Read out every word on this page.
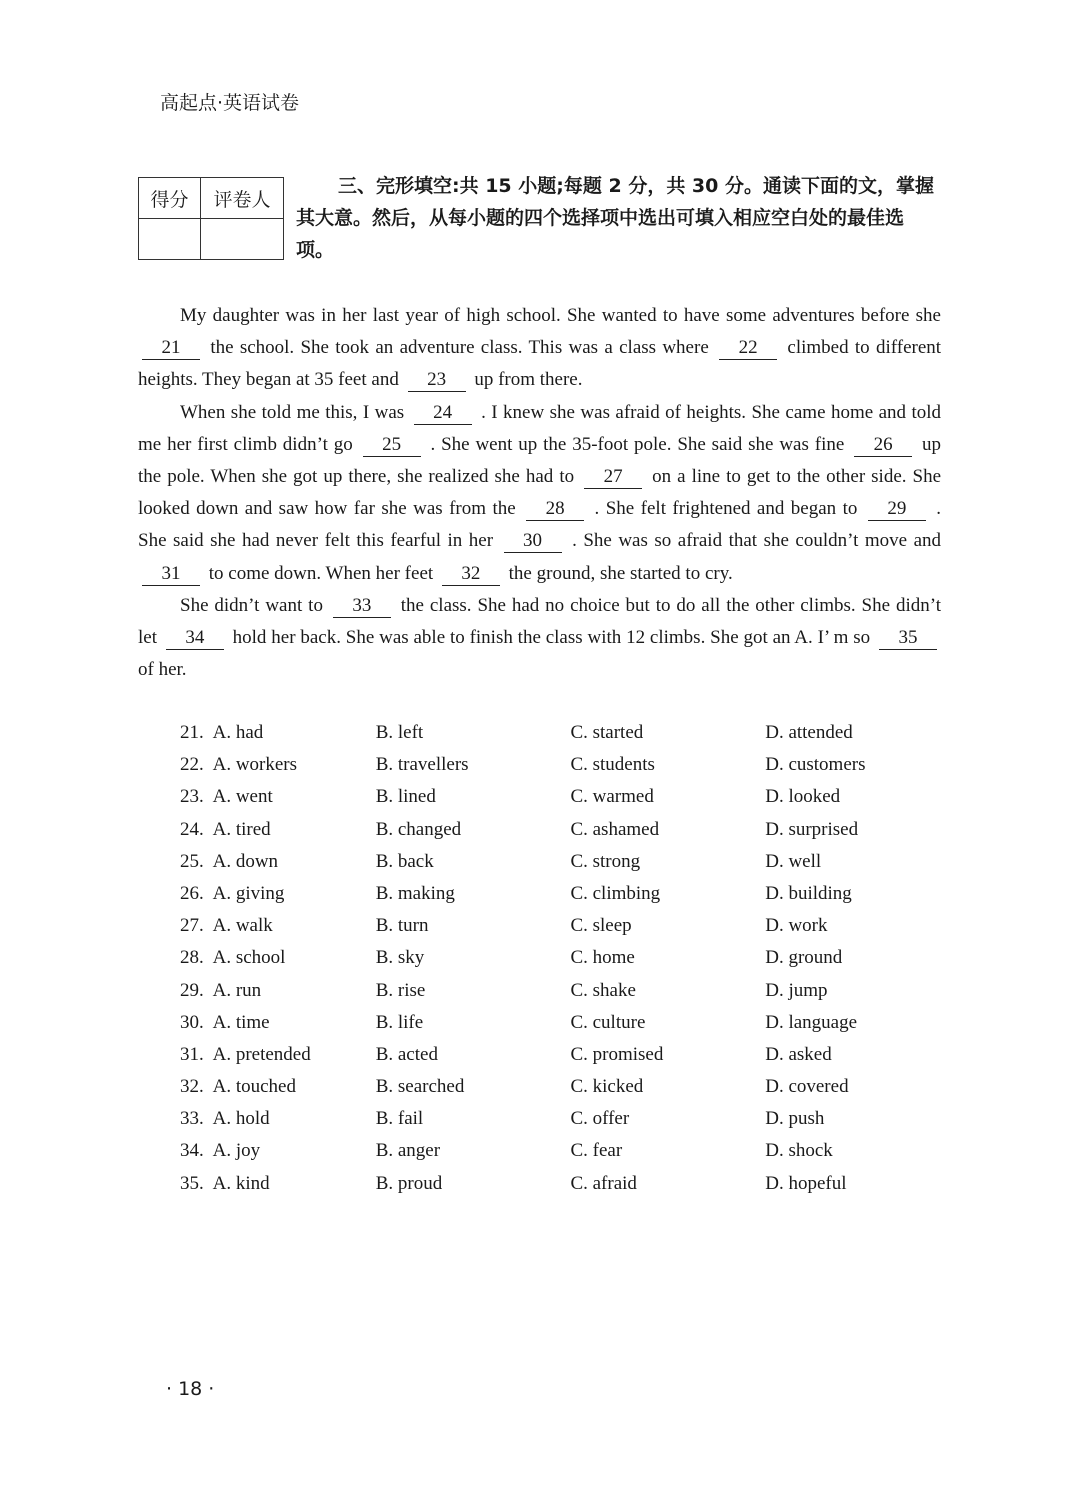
高起点·英语试卷
得分	评卷人

三、完形填空:共 15 小题;每题 2 分，共 30 分。通读下面的文，掌握其大意。然后，从每小题的四个选择项中选出可填入相应空白处的最佳选项。

My daughter was in her last year of high school. She wanted to have some adventures before she 21 the school. She took an adventure class. This was a class where 22 climbed to different heights. They began at 35 feet and 23 up from there.

When she told me this, I was 24 . I knew she was afraid of heights. She came home and told me her first climb didn’t go 25 . She went up the 35-foot pole. She said she was fine 26 up the pole. When she got up there, she realized she had to 27 on a line to get to the other side. She looked down and saw how far she was from the 28 . She felt frightened and began to 29 . She said she had never felt this fearful in her 30 . She was so afraid that she couldn’t move and 31 to come down. When her feet 32 the ground, she started to cry.

She didn’t want to 33 the class. She had no choice but to do all the other climbs. She didn’t let 34 hold her back. She was able to finish the class with 12 climbs. She got an A. I’ m so 35 of her.

21. A. had	B. left	C. started	D. attended
22. A. workers	B. travellers	C. students	D. customers
23. A. went	B. lined	C. warmed	D. looked
24. A. tired	B. changed	C. ashamed	D. surprised
25. A. down	B. back	C. strong	D. well
26. A. giving	B. making	C. climbing	D. building
27. A. walk	B. turn	C. sleep	D. work
28. A. school	B. sky	C. home	D. ground
29. A. run	B. rise	C. shake	D. jump
30. A. time	B. life	C. culture	D. language
31. A. pretended	B. acted	C. promised	D. asked
32. A. touched	B. searched	C. kicked	D. covered
33. A. hold	B. fail	C. offer	D. push
34. A. joy	B. anger	C. fear	D. shock
35. A. kind	B. proud	C. afraid	D. hopeful
· 18 ·
